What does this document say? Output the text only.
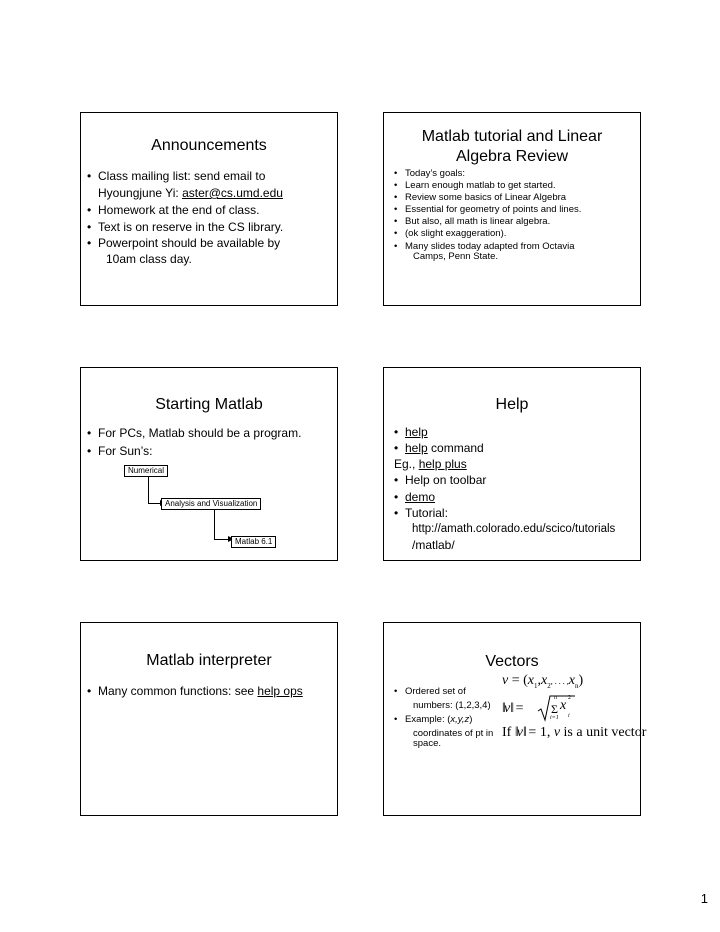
Announcements
• Class mailing list: send email to
Hyoungjune Yi: aster@cs.umd.edu
• Homework at the end of class.
• Text is on reserve in the CS library.
• Powerpoint should be available by
10am class day.
Matlab tutorial and Linear
Algebra Review
• Today’s goals:
• Learn enough matlab to get started.
• Review some basics of Linear Algebra
• Essential for geometry of points and lines.
• But also, all math is linear algebra.
• (ok slight exaggeration).
• Many slides today adapted from Octavia
Camps, Penn State.
Starting Matlab
• For PCs, Matlab should be a program.
• For Sun’s:
Numerical
Analysis and Visualization
Matlab 6.1
Help
• help
• help command
Eg., help plus
• Help on toolbar
• demo
• Tutorial:
http://amath.colorado.edu/scico/tutorials
/matlab/
Matlab interpreter
• Many common functions: see help ops
Vectors
• Ordered set of
numbers: (1,2,3,4)
• Example: (x,y,z)
coordinates of pt in
space.
$v = (x_1,x_2$, . . . $,x_n$)
‖v‖ =
n
Σ x 2
i
i=1
If ‖v‖ = 1, v is a unit vector
1
